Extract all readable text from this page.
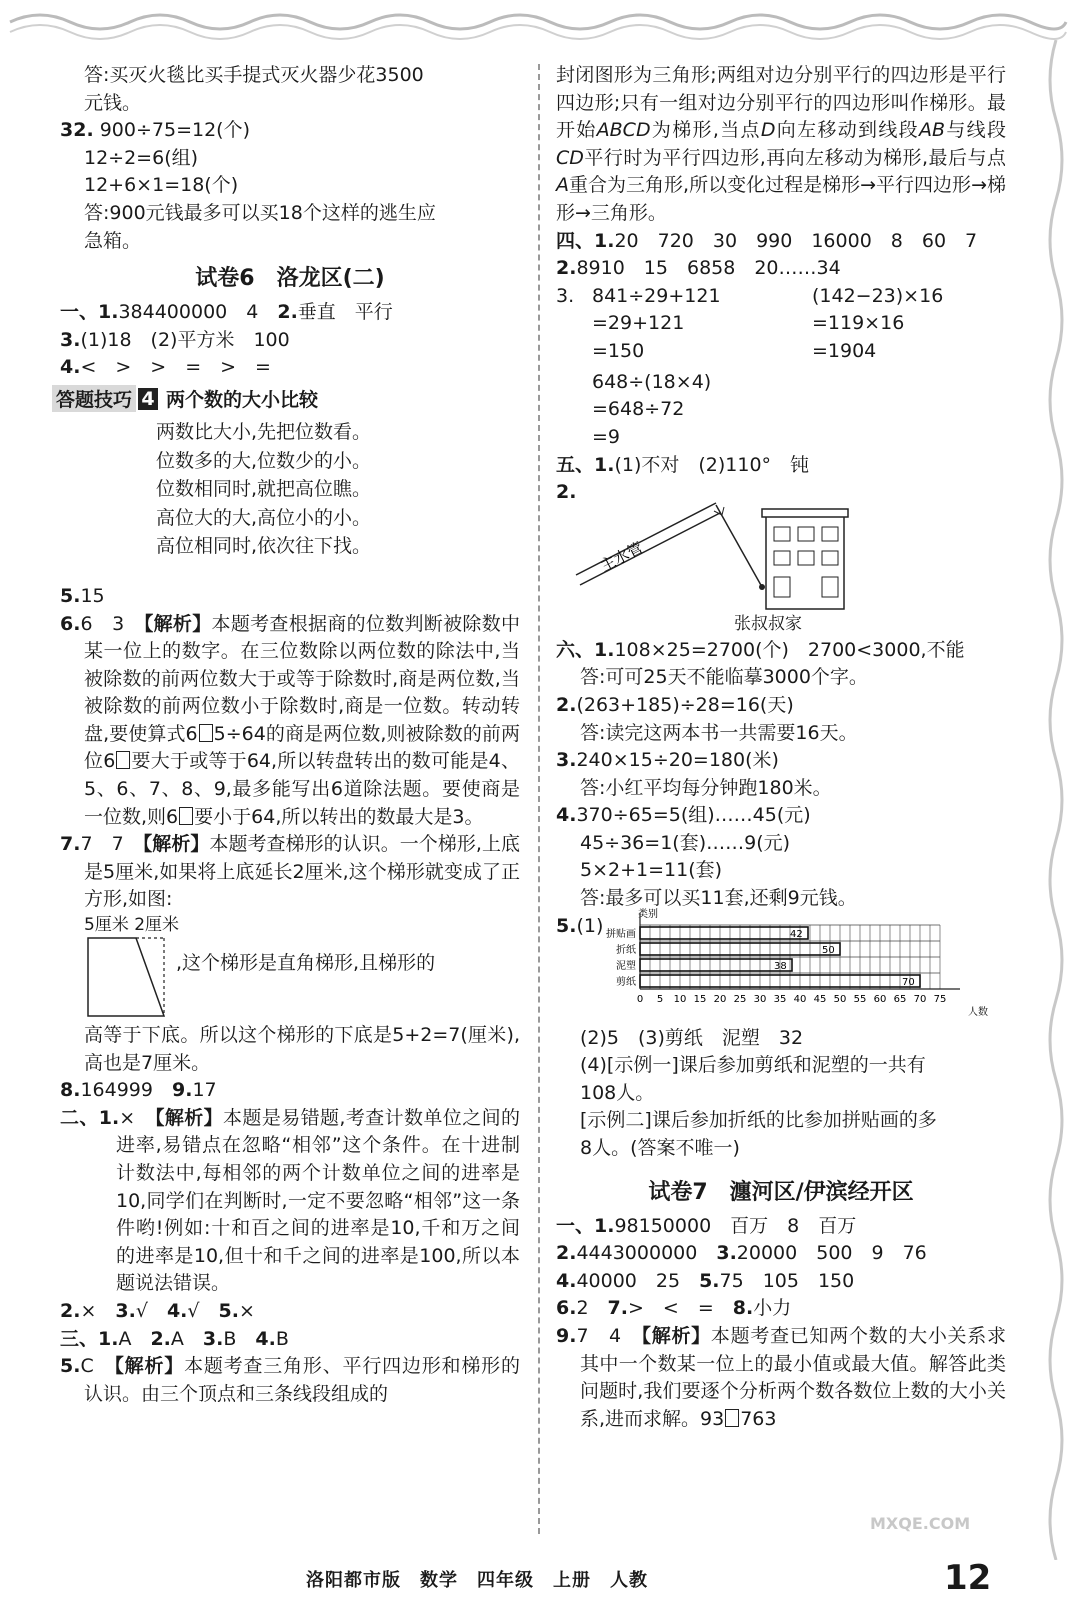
答:买灭火毯比买手提式灭火器少花3500
元钱。
32. 900÷75=12(个)
12÷2=6(组)
12+6×1=18(个)
答:900元钱最多可以买18个这样的逃生应
急箱。
试卷6　洛龙区(二)
一、1.384400000　4　2.垂直　平行
3.(1)18　(2)平方米　100
4.<　>　>　=　>　=
答题技巧 4 两个数的大小比较
两数比大小,先把位数看。
位数多的大,位数少的小。
位数相同时,就把高位瞧。
高位大的大,高位小的小。
高位相同时,依次往下找。
5.15
6.6　3　【解析】本题考查根据商的位数判断被除数中某一位上的数字。在三位数除以两位数的除法中,当被除数的前两位数大于或等于除数时,商是两位数,当被除数的前两位数小于除数时,商是一位数。转动转盘,要使算式6 5÷64的商是两位数,则被除数的前两位6 要大于或等于64,所以转盘转出的数可能是4、5、6、7、8、9,最多能写出6道除法题。要使商是一位数,则6 要小于64,所以转出的数最大是3。
7.7　7　【解析】本题考查梯形的认识。一个梯形,上底是5厘米,如果将上底延长2厘米,这个梯形就变成了正方形,如图:
5厘米 2厘米
,这个梯形是直角梯形,且梯形的
高等于下底。所以这个梯形的下底是5+2=7(厘米),高也是7厘米。
8.164999　9.17
二、1.×　【解析】本题是易错题,考查计数单位之间的进率,易错点在忽略“相邻”这个条件。在十进制计数法中,每相邻的两个计数单位之间的进率是10,同学们在判断时,一定不要忽略“相邻”这一条件哟!例如:十和百之间的进率是10,千和万之间的进率是10,但十和千之间的进率是100,所以本题说法错误。
2.×　3.√　4.√　5.×
三、1.A　2.A　3.B　4.B
5.C　【解析】本题考查三角形、平行四边形和梯形的认识。由三个顶点和三条线段组成的
封闭图形为三角形;两组对边分别平行的四边形是平行四边形;只有一组对边分别平行的四边形叫作梯形。最开始ABCD为梯形,当点D向左移动到线段AB与线段CD平行时为平行四边形,再向左移动为梯形,最后与点A重合为三角形,所以变化过程是梯形→平行四边形→梯形→三角形。
四、1.20　720　30　990　16000　8　60　7
2.8910　15　6858　20……34
3. 841÷29+121
=29+121
=150
(142−23)×16
=119×16
=1904
648÷(18×4)
=648÷72
=9
五、1.(1)不对　(2)110°　钝
2.
主水管
张叔叔家
六、1.108×25=2700(个)　2700<3000,不能
答:可可25天不能临摹3000个字。
2.(263+185)÷28=16(天)
答:读完这两本书一共需要16天。
3.240×15÷20=180(米)
答:小红平均每分钟跑180米。
4.370÷65=5(组)……45(元)
45÷36=1(套)……9(元)
5×2+1=11(套)
答:最多可以买11套,还剩9元钱。
5.(1)
类别
42
50
38
70
拼贴画
折纸
泥塑
剪纸
0 5 10 15 20 25 30 35 40 45 50 55 60 65 70 75
人数
(2)5　(3)剪纸　泥塑　32
(4)[示例一]课后参加剪纸和泥塑的一共有
108人。
[示例二]课后参加折纸的比参加拼贴画的多
8人。(答案不唯一)
试卷7　瀍河区/伊滨经开区
一、1.98150000　百万　8　百万
2.4443000000　3.20000　500　9　76
4.40000　25　5.75　105　150
6.2　7.>　<　=　8.小力
9.7　4　【解析】本题考查已知两个数的大小关系求其中一个数某一位上的最小值或最大值。解答此类问题时,我们要逐个分析两个数各数位上数的大小关系,进而求解。93 763
MXQE.COM
洛阳都市版　数学　四年级　上册　人教	12
